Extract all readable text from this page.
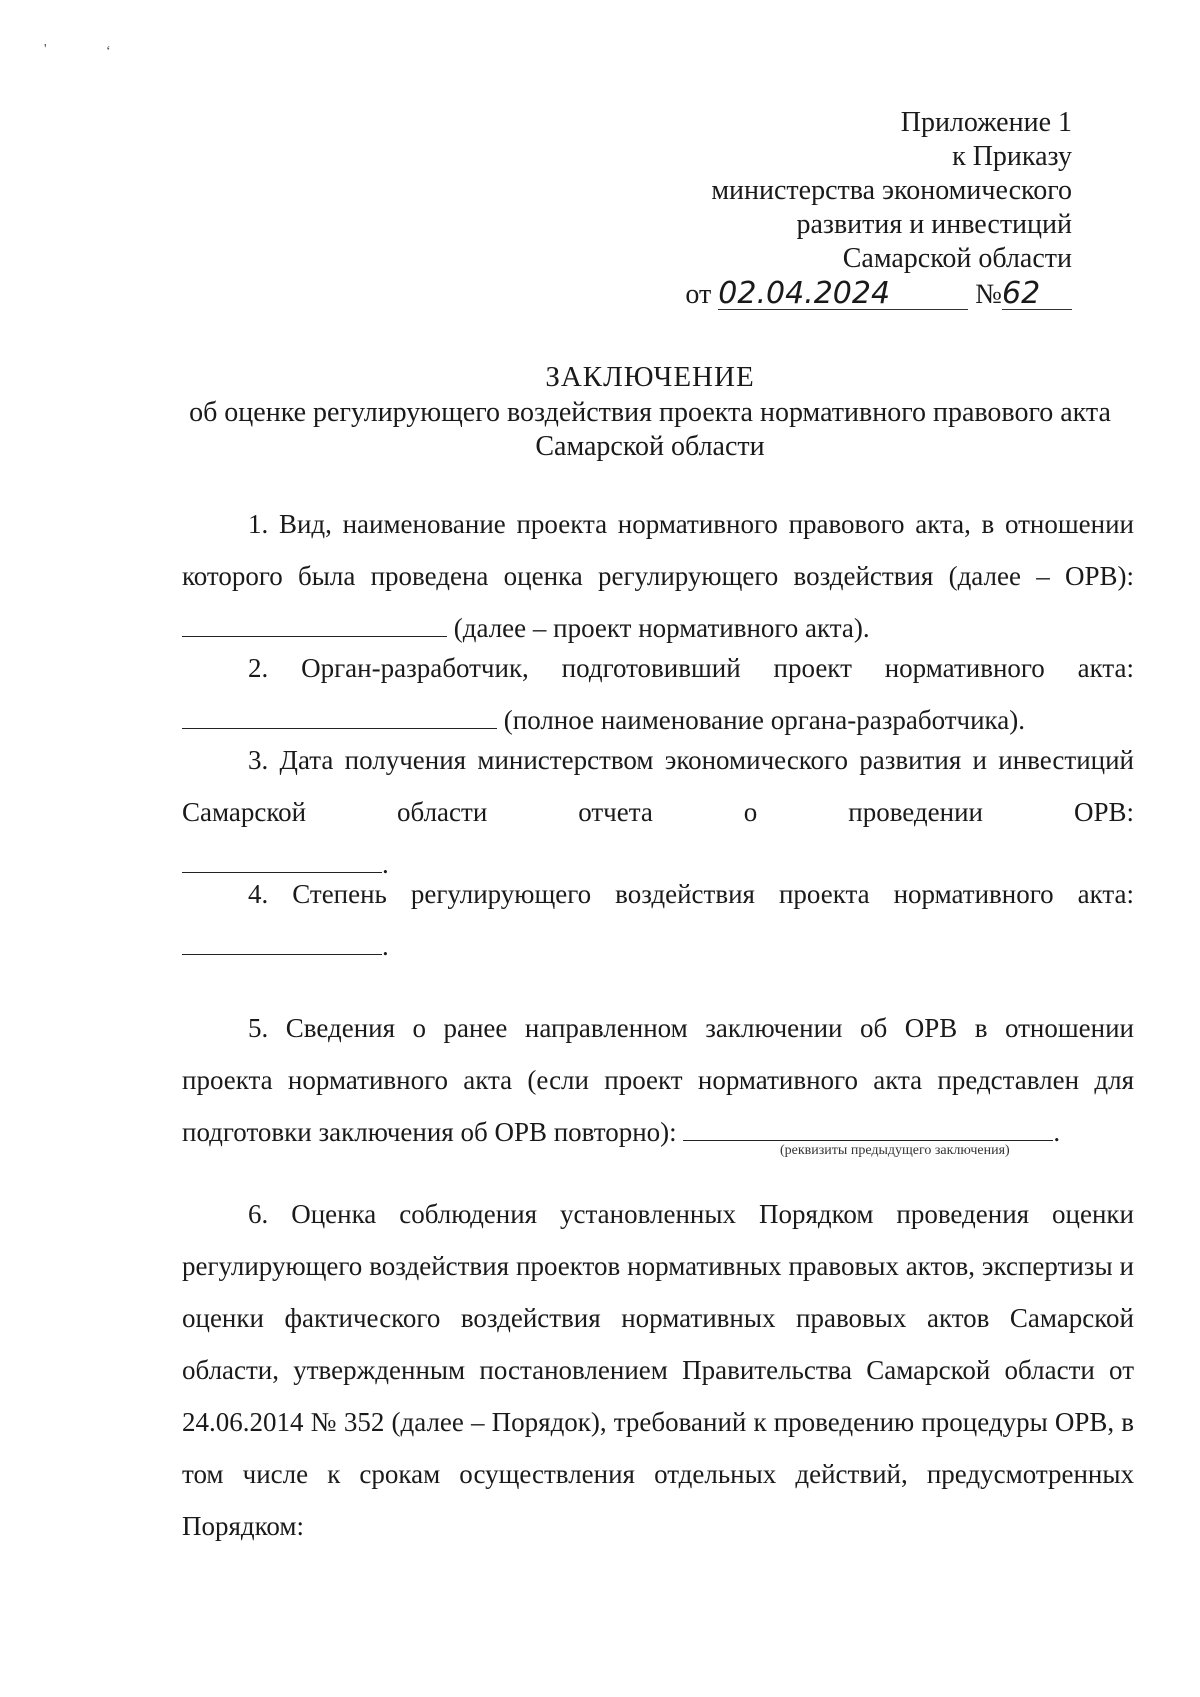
'	‘
Приложение 1
к Приказу
министерства экономического
развития и инвестиций
Самарской области
от 02.04.2024	№62
ЗАКЛЮЧЕНИЕ
об оценке регулирующего воздействия проекта нормативного правового акта
Самарской области

1. Вид, наименование проекта нормативного правового акта, в отношении которого была проведена оценка регулирующего воздействия (далее – ОРВ):  (далее – проект нормативного акта).

2. Орган-разработчик, подготовивший проект нормативного акта:

(полное наименование органа-разработчика).

3. Дата получения министерством экономического развития и инвестиций Самарской области отчета о проведении ОРВ:

.

4. Степень регулирующего воздействия проекта нормативного акта:

.

5. Сведения о ранее направленном заключении об ОРВ в отношении проекта нормативного акта (если проект нормативного акта представлен для подготовки заключения об ОРВ повторно):	.

(реквизиты предыдущего заключения)

6. Оценка соблюдения установленных Порядком проведения оценки регулирующего воздействия проектов нормативных правовых актов, экспертизы и оценки фактического воздействия нормативных правовых актов Самарской области, утвержденным постановлением Правительства Самарской области от 24.06.2014 № 352 (далее – Порядок), требований к проведению процедуры ОРВ, в том числе к срокам осуществления отдельных действий, предусмотренных Порядком:
